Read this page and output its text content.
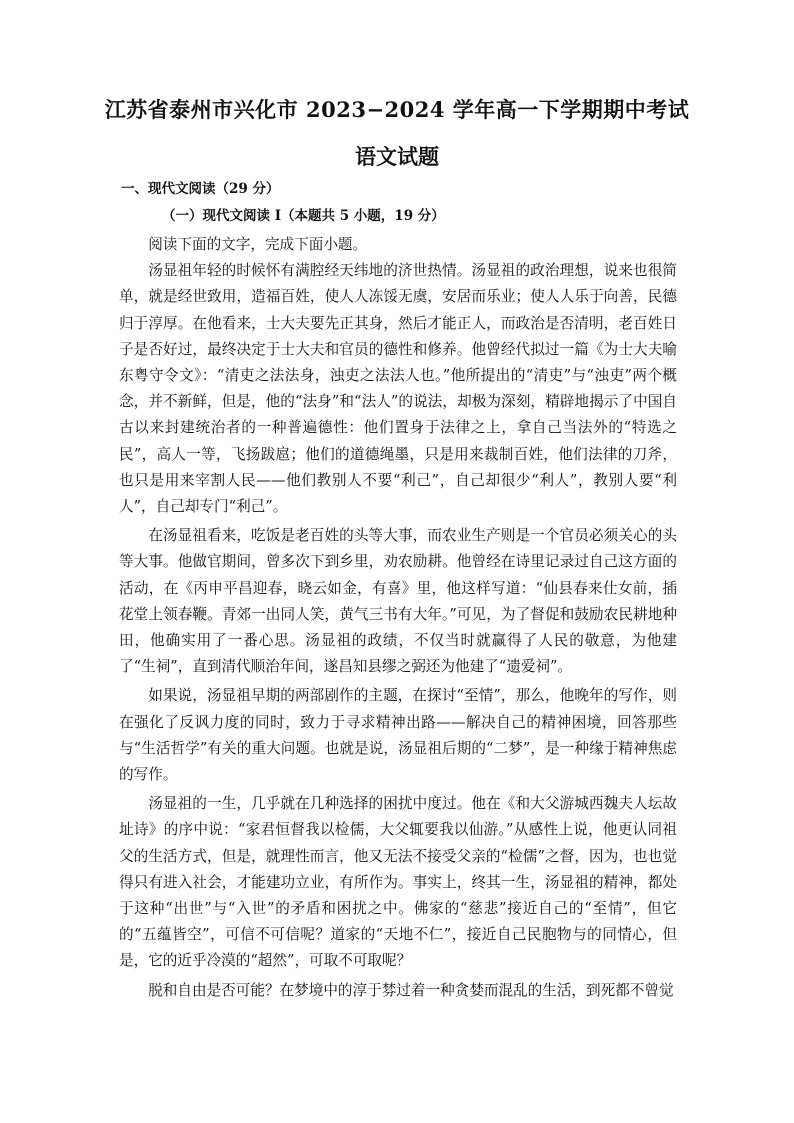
江苏省泰州市兴化市 2023−2024 学年高一下学期期中考试
语文试题
一、现代文阅读（29 分）
（一）现代文阅读 I（本题共 5 小题，19 分）

阅读下面的文字，完成下面小题。

汤显祖年轻的时候怀有满腔经天纬地的济世热情。汤显祖的政治理想，说来也很简单，就是经世致用，造福百姓，使人人冻馁无虞，安居而乐业；使人人乐于向善，民德归于淳厚。在他看来，士大夫要先正其身，然后才能正人，而政治是否清明，老百姓日子是否好过，最终决定于士大夫和官员的德性和修养。他曾经代拟过一篇《为士大夫喻东粤守令文》：“清吏之法法身，浊吏之法法人也。”他所提出的“清吏”与“浊吏”两个概念，并不新鲜，但是，他的“法身”和“法人”的说法，却极为深刻，精辟地揭示了中国自古以来封建统治者的一种普遍德性：他们置身于法律之上，拿自己当法外的“特选之民”，高人一等，飞扬跋扈；他们的道德绳墨，只是用来裁制百姓，他们法律的刀斧，也只是用来宰割人民——他们教别人不要“利己”，自己却很少“利人”，教别人要“利人”，自己却专门“利己”。

在汤显祖看来，吃饭是老百姓的头等大事，而农业生产则是一个官员必须关心的头等大事。他做官期间，曾多次下到乡里，劝农励耕。他曾经在诗里记录过自己这方面的活动，在《丙申平昌迎春，晓云如金，有喜》里，他这样写道：“仙县春来仕女前，插花堂上领春鞭。青郊一出同人笑，黄气三书有大年。”可见，为了督促和鼓励农民耕地种田，他确实用了一番心思。汤显祖的政绩，不仅当时就赢得了人民的敬意，为他建了“生祠”，直到清代顺治年间，遂昌知县缪之弼还为他建了“遗爱祠”。

如果说，汤显祖早期的两部剧作的主题，在探讨“至情”，那么，他晚年的写作，则在强化了反讽力度的同时，致力于寻求精神出路——解决自己的精神困境，回答那些与“生活哲学”有关的重大问题。也就是说，汤显祖后期的“二梦”，是一种缘于精神焦虑的写作。

汤显祖的一生，几乎就在几种选择的困扰中度过。他在《和大父游城西魏夫人坛故址诗》的序中说：“家君恒督我以检儒，大父辄要我以仙游。”从感性上说，他更认同祖父的生活方式，但是，就理性而言，他又无法不接受父亲的“检儒”之督，因为，也也觉得只有进入社会，才能建功立业，有所作为。事实上，终其一生，汤显祖的精神，都处于这种“出世”与“入世”的矛盾和困扰之中。佛家的“慈悲”接近自己的“至情”，但它的“五蕴皆空”，可信不可信呢？道家的“天地不仁”，接近自己民胞物与的同情心，但是，它的近乎冷漠的“超然”，可取不可取呢？

脱和自由是否可能？在梦境中的淳于棼过着一种贪婪而混乱的生活，到死都不曾觉
